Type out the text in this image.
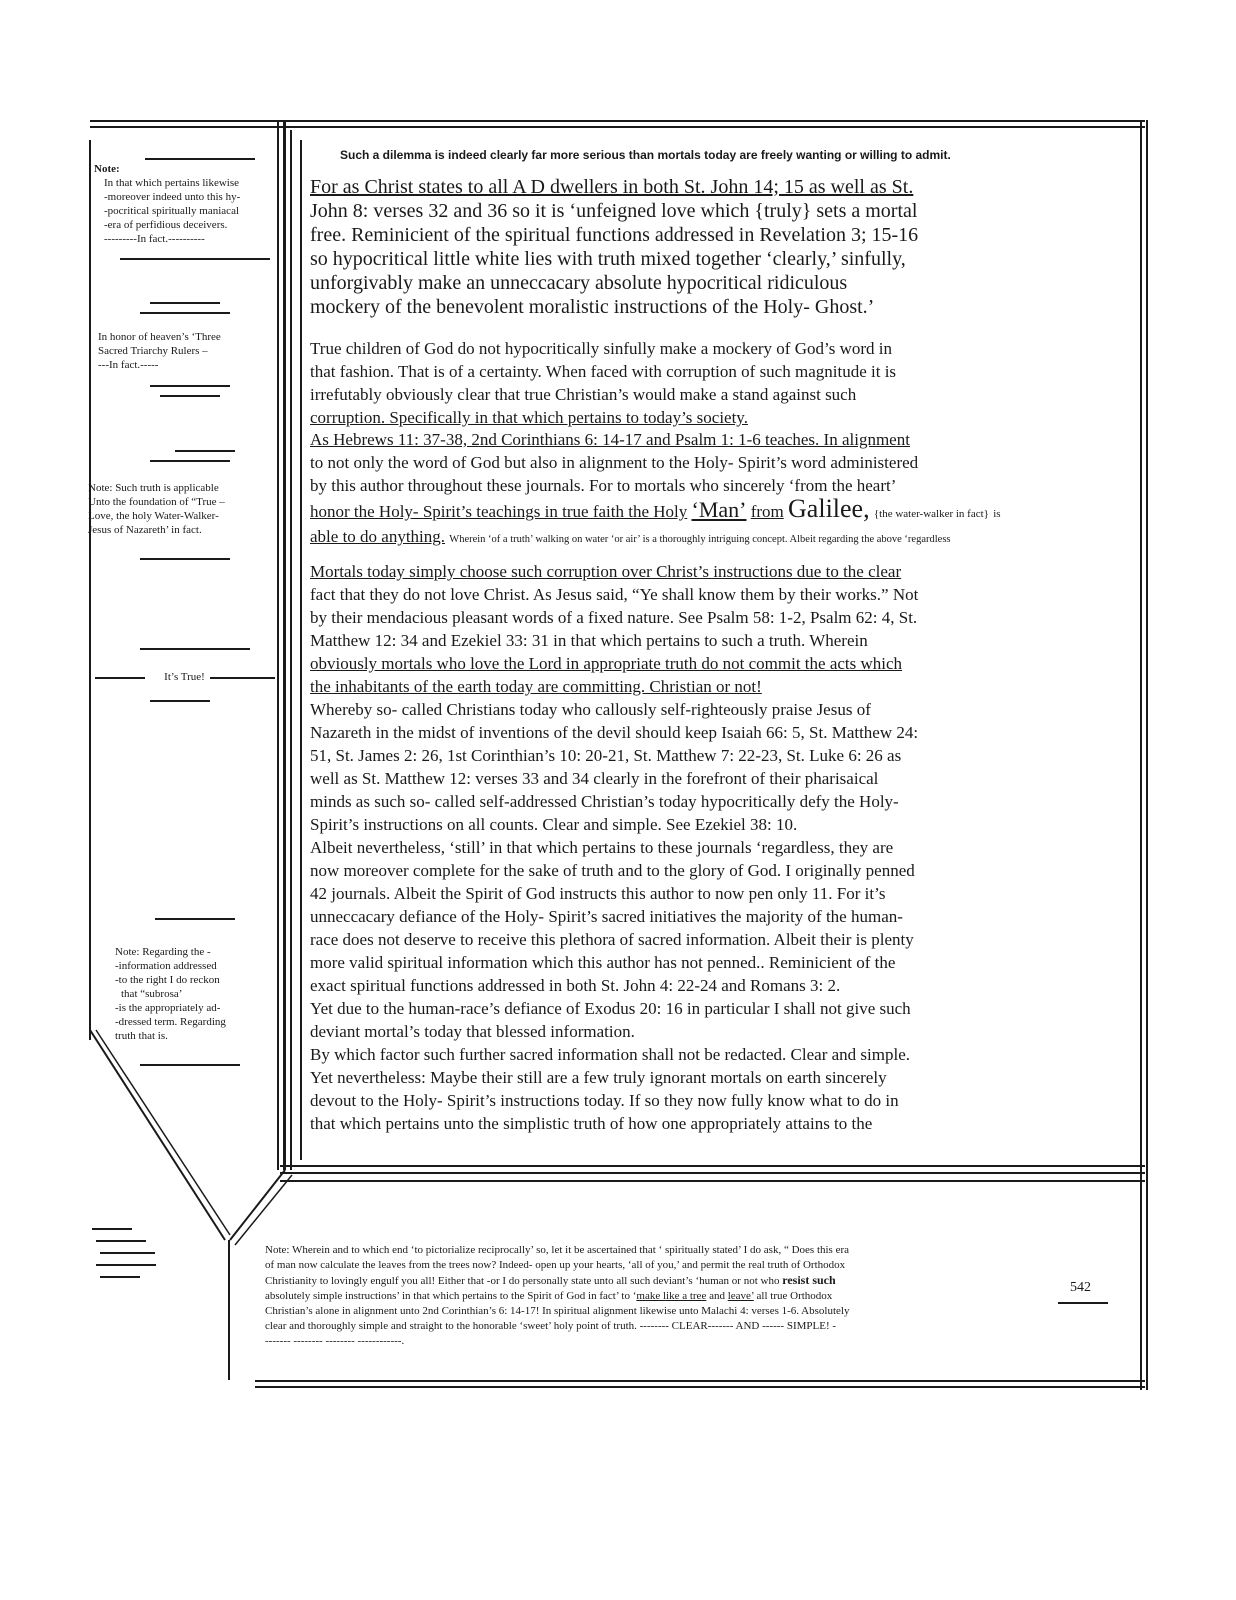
Such a dilemma is indeed clearly far more serious than mortals today are freely wanting or willing to admit.
For as Christ states to all A D dwellers in both St. John 14; 15 as well as St.
John 8: verses 32 and 36 so it is ‘unfeigned love which {truly} sets a mortal
free. Reminicient of the spiritual functions addressed in Revelation 3; 15-16
so hypocritical little white lies with truth mixed together ‘clearly,’ sinfully,
unforgivably make an unneccacary absolute hypocritical ridiculous
mockery of the benevolent moralistic instructions of the Holy- Ghost.’
True children of God do not hypocritically sinfully make a mockery of God’s word in
that fashion. That is of a certainty. When faced with corruption of such magnitude it is
irrefutably obviously clear that true Christian’s would make a stand against such
corruption. Specifically in that which pertains to today’s society.
As Hebrews 11: 37-38, 2nd Corinthians 6: 14-17 and Psalm 1: 1-6 teaches. In alignment
to not only the word of God but also in alignment to the Holy- Spirit’s word administered
by this author throughout these journals. For to mortals who sincerely ‘from the heart’
honor the Holy- Spirit’s teachings in true faith the Holy ‘Man’ from Galilee, {the water-walker in fact} is
able to do anything. Wherein ‘of a truth’ walking on water ‘or air’ is a thoroughly intriguing concept. Albeit regarding the above ‘regardless
Mortals today simply choose such corruption over Christ’s instructions due to the clear
fact that they do not love Christ. As Jesus said, “Ye shall know them by their works.” Not
by their mendacious pleasant words of a fixed nature. See Psalm 58: 1-2, Psalm 62: 4, St.
Matthew 12: 34 and Ezekiel 33: 31 in that which pertains to such a truth. Wherein
obviously mortals who love the Lord in appropriate truth do not commit the acts which
the inhabitants of the earth today are committing. Christian or not!
Whereby so- called Christians today who callously self-righteously praise Jesus of
Nazareth in the midst of inventions of the devil should keep Isaiah 66: 5, St. Matthew 24:
51, St. James 2: 26, 1st Corinthian’s 10: 20-21, St. Matthew 7: 22-23, St. Luke 6: 26 as
well as St. Matthew 12: verses 33 and 34 clearly in the forefront of their pharisaical
minds as such so- called self-addressed Christian’s today hypocritically defy the Holy-
Spirit’s instructions on all counts. Clear and simple. See Ezekiel 38: 10.
Albeit nevertheless, ‘still’ in that which pertains to these journals ‘regardless, they are
now moreover complete for the sake of truth and to the glory of God. I originally penned
42 journals. Albeit the Spirit of God instructs this author to now pen only 11. For it’s
unneccacary defiance of the Holy- Spirit’s sacred initiatives the majority of the human-
race does not deserve to receive this plethora of sacred information. Albeit their is plenty
more valid spiritual information which this author has not penned.. Reminicient of the
exact spiritual functions addressed in both St. John 4: 22-24 and Romans 3: 2.
Yet due to the human-race’s defiance of Exodus 20: 16 in particular I shall not give such
deviant mortal’s today that blessed information.
By which factor such further sacred information shall not be redacted. Clear and simple.
Yet nevertheless: Maybe their still are a few truly ignorant mortals on earth sincerely
devout to the Holy- Spirit’s instructions today. If so they now fully know what to do in
that which pertains unto the simplistic truth of how one appropriately attains to the
Note:
In that which pertains likewise
-moreover indeed unto this hy-
-pocritical spiritually maniacal
-era of perfidious deceivers.
---------In fact.----------
In honor of heaven’s ‘Three
Sacred Triarchy Rulers –
---In fact.-----
Note: Such truth is applicable
Unto the foundation of “True –
Love, the holy Water-Walker-
Jesus of Nazareth’ in fact.
It’s True!
Note: Regarding the -
-information addressed
-to the right I do reckon
that “subrosa’
-is the appropriately ad-
-dressed term. Regarding
truth that is.
Note: Wherein and to which end ‘to pictorialize reciprocally’ so, let it be ascertained that ‘ spiritually stated’ I do ask, “ Does this era
of man now calculate the leaves from the trees now? Indeed- open up your hearts, ‘all of you,’ and permit the real truth of Orthodox
Christianity to lovingly engulf you all! Either that -or I do personally state unto all such deviant’s ‘human or not who resist such
absolutely simple instructions’ in that which pertains to the Spirit of God in fact’ to ‘make like a tree and leave’ all true Orthodox
Christian’s alone in alignment unto 2nd Corinthian’s 6: 14-17! In spiritual alignment likewise unto Malachi 4: verses 1-6. Absolutely
clear and thoroughly simple and straight to the honorable ‘sweet’ holy point of truth. -------- CLEAR------- AND ------ SIMPLE! -
------- -------- -------- ------------.
542
